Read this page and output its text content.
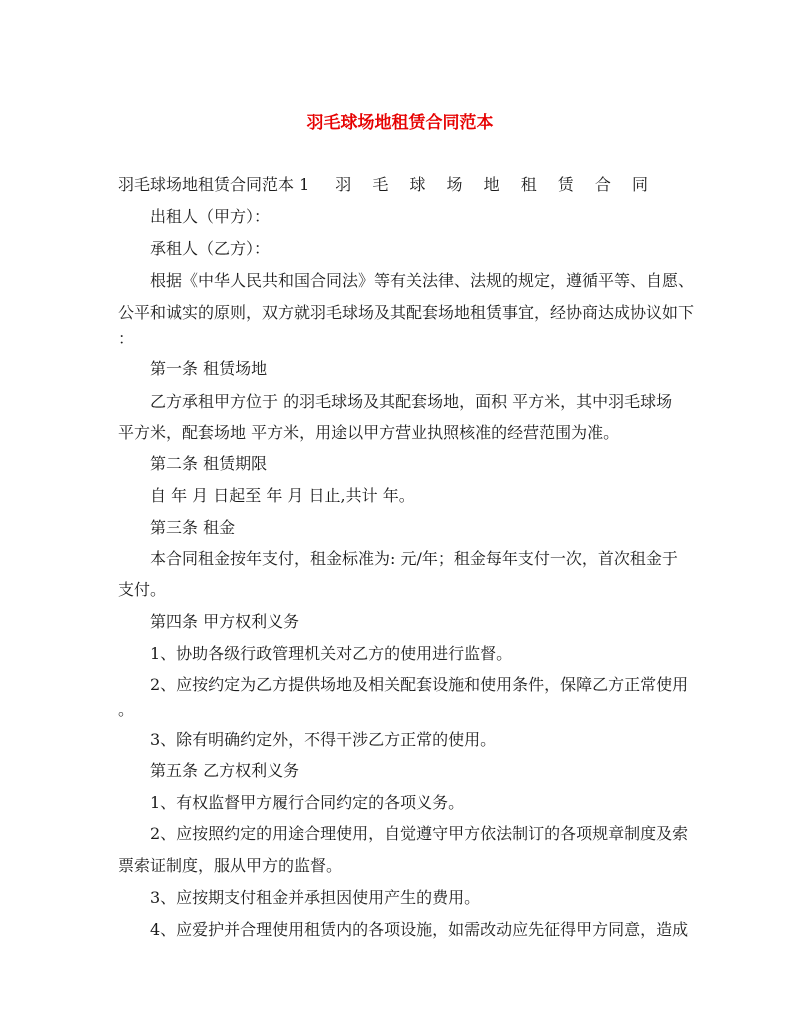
羽毛球场地租赁合同范本
羽毛球场地租赁合同范本 1 羽 毛 球 场 地 租 赁 合 同
出租人（甲方）：
承租人（乙方）：
根据《中华人民共和国合同法》等有关法律、法规的规定，遵循平等、自愿、
公平和诚实的原则，双方就羽毛球场及其配套场地租赁事宜，经协商达成协议如下
：
第一条 租赁场地
乙方承租甲方位于 的羽毛球场及其配套场地，面积 平方米，其中羽毛球场
平方米，配套场地 平方米，用途以甲方营业执照核准的经营范围为准。
第二条 租赁期限
自 年 月 日起至 年 月 日止,共计 年。
第三条 租金
本合同租金按年支付，租金标准为: 元/年；租金每年支付一次，首次租金于
支付。
第四条 甲方权利义务
1、协助各级行政管理机关对乙方的使用进行监督。
2、应按约定为乙方提供场地及相关配套设施和使用条件，保障乙方正常使用
。
3、除有明确约定外，不得干涉乙方正常的使用。
第五条 乙方权利义务
1、有权监督甲方履行合同约定的各项义务。
2、应按照约定的用途合理使用，自觉遵守甲方依法制订的各项规章制度及索
票索证制度，服从甲方的监督。
3、应按期支付租金并承担因使用产生的费用。
4、应爱护并合理使用租赁内的各项设施，如需改动应先征得甲方同意，造成
